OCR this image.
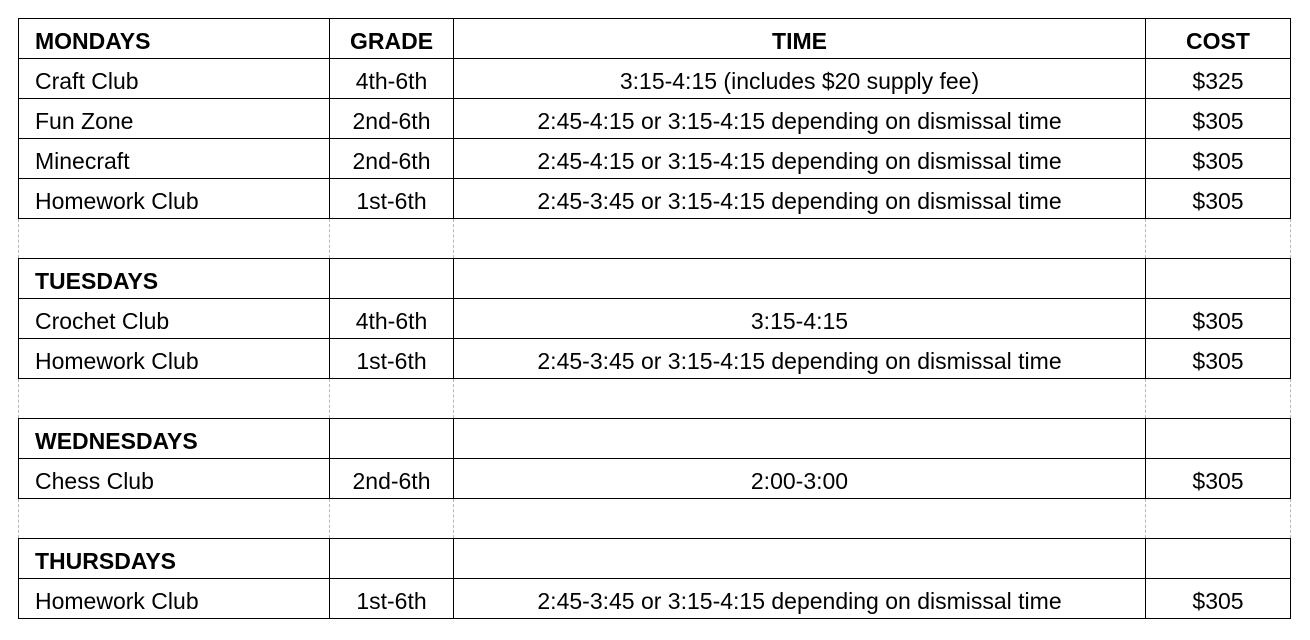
MONDAYS	GRADE	TIME	COST
Craft Club	4th-6th	3:15-4:15 (includes $20 supply fee)	$325
Fun Zone	2nd-6th	2:45-4:15 or 3:15-4:15 depending on dismissal time	$305
Minecraft	2nd-6th	2:45-4:15 or 3:15-4:15 depending on dismissal time	$305
Homework Club	1st-6th	2:45-3:45 or 3:15-4:15 depending on dismissal time	$305

TUESDAYS			
Crochet Club	4th-6th	3:15-4:15	$305
Homework Club	1st-6th	2:45-3:45 or 3:15-4:15 depending on dismissal time	$305

WEDNESDAYS			
Chess Club	2nd-6th	2:00-3:00	$305

THURSDAYS			
Homework Club	1st-6th	2:45-3:45 or 3:15-4:15 depending on dismissal time	$305
